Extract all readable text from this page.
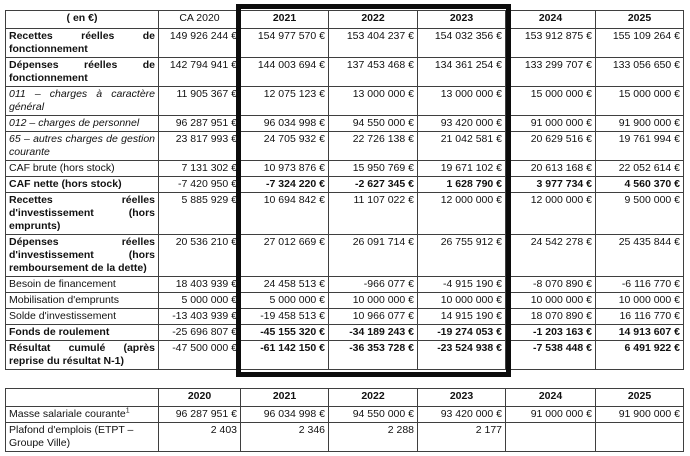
( en €)	CA 2020	2021	2022	2023	2024	2025
Recettes réelles de fonctionnement	149 926 244 €	154 977 570 €	153 404 237 €	154 032 356 €	153 912 875 €	155 109 264 €
Dépenses réelles de fonctionnement	142 794 941 €	144 003 694 €	137 453 468 €	134 361 254 €	133 299 707 €	133 056 650 €
011 – charges à caractère général	11 905 367 €	12 075 123 €	13 000 000 €	13 000 000 €	15 000 000 €	15 000 000 €
012 – charges de personnel	96 287 951 €	96 034 998 €	94 550 000 €	93 420 000 €	91 000 000 €	91 900 000 €
65 – autres charges de gestion courante	23 817 993 €	24 705 932 €	22 726 138 €	21 042 581 €	20 629 516 €	19 761 994 €
CAF brute (hors stock)	7 131 302 €	10 973 876 €	15 950 769 €	19 671 102 €	20 613 168 €	22 052 614 €
CAF nette (hors stock)	-7 420 950 €	-7 324 220 €	-2 627 345 €	1 628 790 €	3 977 734 €	4 560 370 €
Recettes réelles d'investissement (hors emprunts)	5 885 929 €	10 694 842 €	11 107 022 €	12 000 000 €	12 000 000 €	9 500 000 €
Dépenses réelles d'investissement (hors remboursement de la dette)	20 536 210 €	27 012 669 €	26 091 714 €	26 755 912 €	24 542 278 €	25 435 844 €
Besoin de financement	18 403 939 €	24 458 513 €	-966 077 €	-4 915 190 €	-8 070 890 €	-6 116 770 €
Mobilisation d'emprunts	5 000 000 €	5 000 000 €	10 000 000 €	10 000 000 €	10 000 000 €	10 000 000 €
Solde d'investissement	-13 403 939 €	-19 458 513 €	10 966 077 €	14 915 190 €	18 070 890 €	16 116 770 €
Fonds de roulement	-25 696 807 €	-45 155 320 €	-34 189 243 €	-19 274 053 €	-1 203 163 €	14 913 607 €
Résultat cumulé (après reprise du résultat N-1)	-47 500 000 €	-61 142 150 €	-36 353 728 €	-23 524 938 €	-7 538 448 €	6 491 922 €
	2020	2021	2022	2023	2024	2025
Masse salariale courante$^1$	96 287 951 €	96 034 998 €	94 550 000 €	93 420 000 €	91 000 000 €	91 900 000 €
Plafond d'emplois (ETPT – Groupe Ville)	2 403	2 346	2 288	2 177		
